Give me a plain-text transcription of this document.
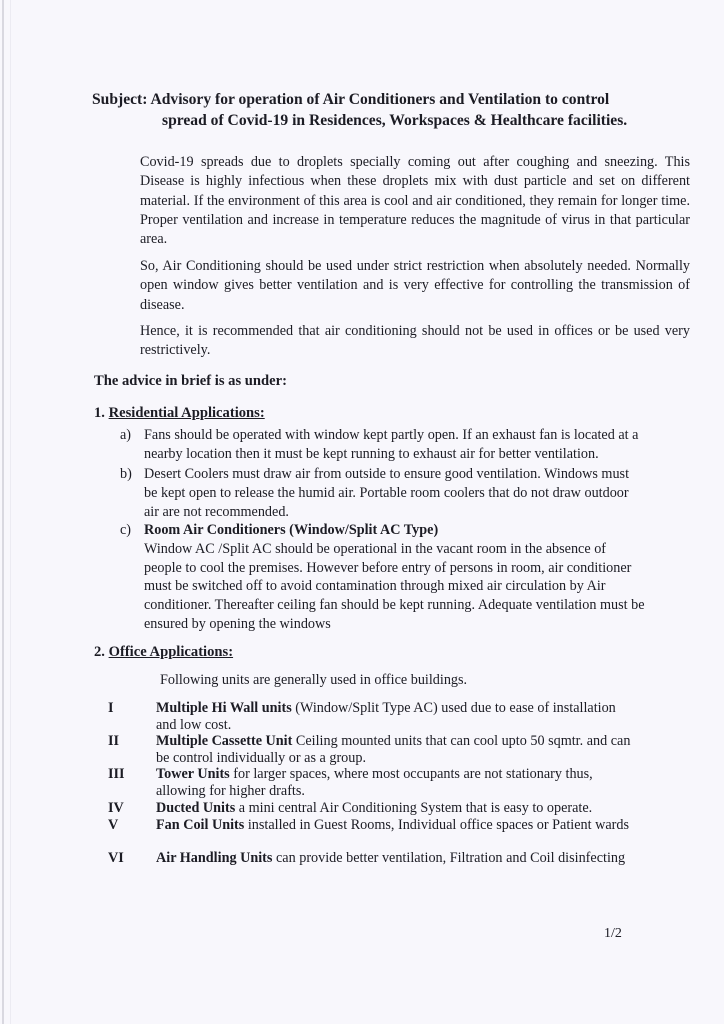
Subject: Advisory for operation of Air Conditioners and Ventilation to control
spread of Covid-19 in Residences, Workspaces & Healthcare facilities.
Covid-19 spreads due to droplets specially coming out after coughing and sneezing. This Disease is highly infectious when these droplets mix with dust particle and set on different material. If the environment of this area is cool and air conditioned, they remain for longer time. Proper ventilation and increase in temperature reduces the magnitude of virus in that particular area.
So, Air Conditioning should be used under strict restriction when absolutely needed. Normally open window gives better ventilation and is very effective for controlling the transmission of disease.
Hence, it is recommended that air conditioning should not be used in offices or be used very restrictively.
The advice in brief is as under:
1. Residential Applications:
a) Fans should be operated with window kept partly open. If an exhaust fan is located at a nearby location then it must be kept running to exhaust air for better ventilation.
b) Desert Coolers must draw air from outside to ensure good ventilation. Windows must be kept open to release the humid air. Portable room coolers that do not draw outdoor air are not recommended.
c) Room Air Conditioners (Window/Split AC Type)
Window AC /Split AC should be operational in the vacant room in the absence of people to cool the premises. However before entry of persons in room, air conditioner must be switched off to avoid contamination through mixed air circulation by Air conditioner. Thereafter ceiling fan should be kept running. Adequate ventilation must be ensured by opening the windows
2. Office Applications:
Following units are generally used in office buildings.
I	Multiple Hi Wall units (Window/Split Type AC) used due to ease of installation and low cost.
II	Multiple Cassette Unit Ceiling mounted units that can cool upto 50 sqmtr. and can be control individually or as a group.
III Tower Units for larger spaces, where most occupants are not stationary thus, allowing for higher drafts.
IV Ducted Units a mini central Air Conditioning System that is easy to operate.
V	Fan Coil Units installed in Guest Rooms, Individual office spaces or Patient wards
VI Air Handling Units can provide better ventilation, Filtration and Coil disinfecting
1/2
